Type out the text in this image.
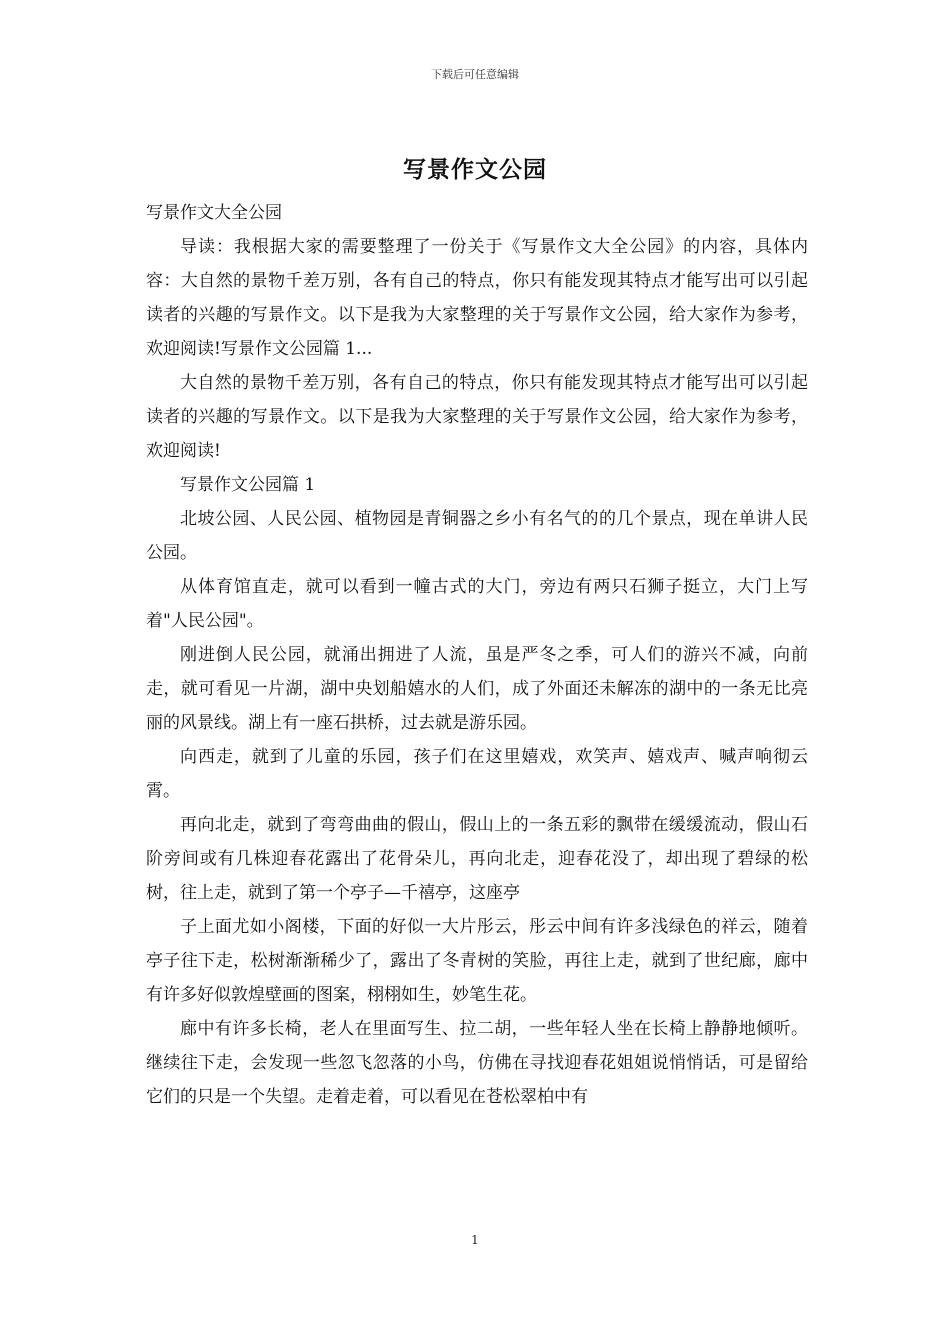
下载后可任意编辑
写景作文公园

写景作文大全公园

导读：我根据大家的需要整理了一份关于《写景作文大全公园》的内容，具体内容：大自然的景物千差万别，各有自己的特点，你只有能发现其特点才能写出可以引起读者的兴趣的写景作文。以下是我为大家整理的关于写景作文公园，给大家作为参考，欢迎阅读!写景作文公园篇 1...

大自然的景物千差万别，各有自己的特点，你只有能发现其特点才能写出可以引起读者的兴趣的写景作文。以下是我为大家整理的关于写景作文公园，给大家作为参考，欢迎阅读!

写景作文公园篇 1

北坡公园、人民公园、植物园是青铜器之乡小有名气的的几个景点，现在单讲人民公园。

从体育馆直走，就可以看到一幢古式的大门，旁边有两只石狮子挺立，大门上写着"人民公园"。

刚进倒人民公园，就涌出拥进了人流，虽是严冬之季，可人们的游兴不减，向前走，就可看见一片湖，湖中央划船嬉水的人们，成了外面还未解冻的湖中的一条无比亮丽的风景线。湖上有一座石拱桥，过去就是游乐园。

向西走，就到了儿童的乐园，孩子们在这里嬉戏，欢笑声、嬉戏声、喊声响彻云霄。

再向北走，就到了弯弯曲曲的假山，假山上的一条五彩的飘带在缓缓流动，假山石阶旁间或有几株迎春花露出了花骨朵儿，再向北走，迎春花没了，却出现了碧绿的松树，往上走，就到了第一个亭子—千禧亭，这座亭

子上面尤如小阁楼，下面的好似一大片彤云，彤云中间有许多浅绿色的祥云，随着亭子往下走，松树渐渐稀少了，露出了冬青树的笑脸，再往上走，就到了世纪廊，廊中有许多好似敦煌壁画的图案，栩栩如生，妙笔生花。

廊中有许多长椅，老人在里面写生、拉二胡，一些年轻人坐在长椅上静静地倾听。继续往下走，会发现一些忽飞忽落的小鸟，仿佛在寻找迎春花姐姐说悄悄话，可是留给它们的只是一个失望。走着走着，可以看见在苍松翠柏中有

1
